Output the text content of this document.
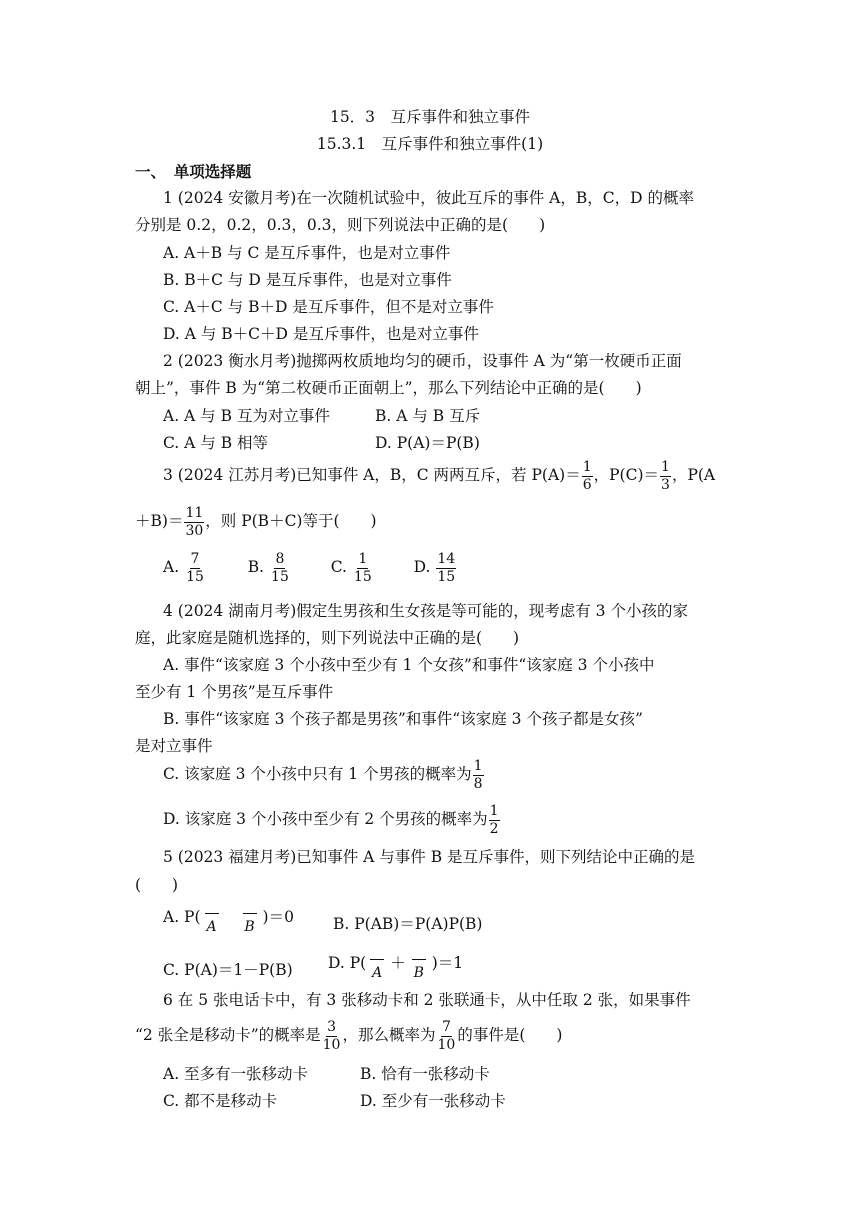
15．3　互斥事件和独立事件
15.3.1　互斥事件和独立事件(1)
一、　单项选择题
1 (2024 安徽月考)在一次随机试验中，彼此互斥的事件 A，B，C，D 的概率
分别是 0.2，0.2，0.3，0.3，则下列说法中正确的是(　　)
A. A＋B 与 C 是互斥事件，也是对立事件
B. B＋C 与 D 是互斥事件，也是对立事件
C. A＋C 与 B＋D 是互斥事件，但不是对立事件
D. A 与 B＋C＋D 是互斥事件，也是对立事件
2 (2023 衡水月考)抛掷两枚质地均匀的硬币，设事件 A 为“第一枚硬币正面
朝上”，事件 B 为“第二枚硬币正面朝上”，那么下列结论中正确的是(　　)
A. A 与 B 互为对立事件	B. A 与 B 互斥
C. A 与 B 相等	D. P(A)＝P(B)
3 (2024 江苏月考)已知事件 A，B，C 两两互斥，若 $P(A)= \frac{1}{6}$ ，$P(C)= \frac{1}{3}$ ，P(A
$+B)= \frac{11}{30}$ ，则 P(B＋C)等于(　　)
A. $\frac{7}{15}$	B. $\frac{8}{15}$	C. $\frac{1}{15}$	D. $\frac{14}{15}$
4 (2024 湖南月考)假定生男孩和生女孩是等可能的，现考虑有 3 个小孩的家
庭，此家庭是随机选择的，则下列说法中正确的是(　　)
A. 事件“该家庭 3 个小孩中至少有 1 个女孩”和事件“该家庭 3 个小孩中
至少有 1 个男孩”是互斥事件
B. 事件“该家庭 3 个孩子都是男孩”和事件“该家庭 3 个孩子都是女孩”
是对立事件
C. 该家庭 3 个小孩中只有 1 个男孩的概率为 $\frac{1}{8}$
D. 该家庭 3 个小孩中至少有 2 个男孩的概率为 $\frac{1}{2}$
5 (2023 福建月考)已知事件 A 与事件 B 是互斥事件，则下列结论中正确的是
(　　)
A. P(
A B
)＝0	B. P(AB)＝P(A)P(B)
C. P(A)＝1－P(B) D. P(
A
＋
B
)＝1
6 在 5 张电话卡中，有 3 张移动卡和 2 张联通卡，从中任取 2 张，如果事件
“2 张全是移动卡”的概率是 $\frac{3}{10}$ ，那么概率为 $\frac{7}{10}$ 的事件是(　　)
A. 至多有一张移动卡	B. 恰有一张移动卡
C. 都不是移动卡	D. 至少有一张移动卡
